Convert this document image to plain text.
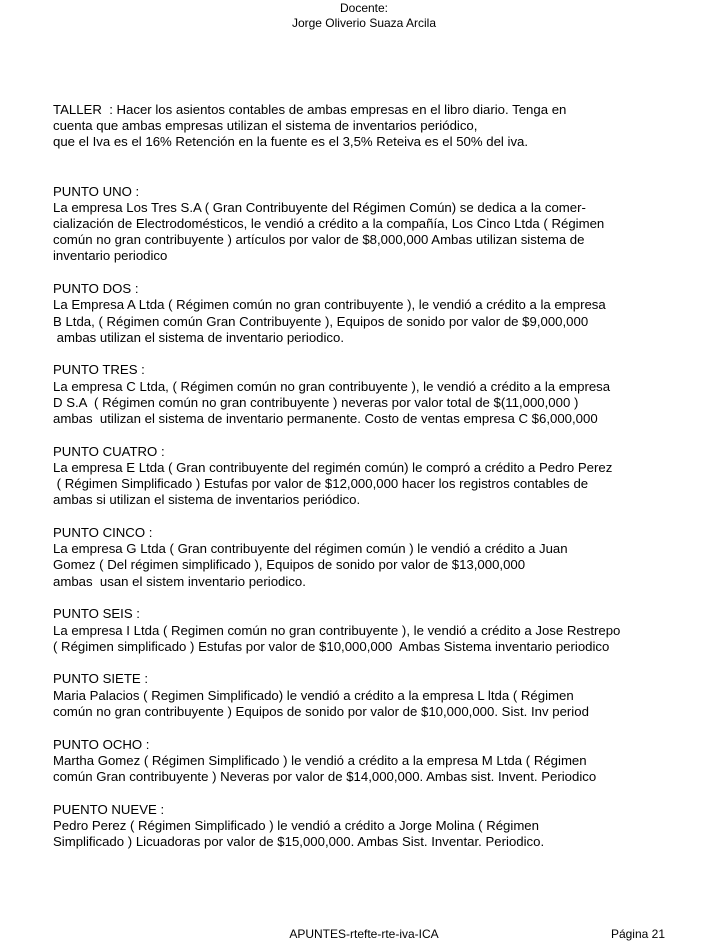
Docente:
Jorge Oliverio Suaza Arcila
TALLER  : Hacer los asientos contables de ambas empresas en el libro diario. Tenga en
cuenta que ambas empresas utilizan el sistema de inventarios periódico,
que el Iva es el 16% Retención en la fuente es el 3,5% Reteiva es el 50% del iva.
PUNTO UNO :
La empresa Los Tres S.A ( Gran Contribuyente del Régimen Común) se dedica a la comer-
cialización de Electrodomésticos, le vendió a crédito a la compañía, Los Cinco Ltda ( Régimen
común no gran contribuyente ) artículos por valor de $8,000,000 Ambas utilizan sistema de
inventario periodico
PUNTO DOS :
La Empresa A Ltda ( Régimen común no gran contribuyente ), le vendió a crédito a la empresa
B Ltda, ( Régimen común Gran Contribuyente ), Equipos de sonido por valor de $9,000,000
ambas utilizan el sistema de inventario periodico.
PUNTO TRES :
La empresa C Ltda, ( Régimen común no gran contribuyente ), le vendió a crédito a la empresa
D S.A  ( Régimen común no gran contribuyente ) neveras por valor total de $(11,000,000 )
ambas  utilizan el sistema de inventario permanente. Costo de ventas empresa C $6,000,000
PUNTO CUATRO :
La empresa E Ltda ( Gran contribuyente del regimén común) le compró a crédito a Pedro Perez
( Régimen Simplificado ) Estufas por valor de $12,000,000 hacer los registros contables de
ambas si utilizan el sistema de inventarios periódico.
PUNTO CINCO :
La empresa G Ltda ( Gran contribuyente del régimen común ) le vendió a crédito a Juan
Gomez ( Del régimen simplificado ), Equipos de sonido por valor de $13,000,000
ambas  usan el sistem inventario periodico.
PUNTO SEIS :
La empresa I Ltda ( Regimen común no gran contribuyente ), le vendió a crédito a Jose Restrepo
( Régimen simplificado ) Estufas por valor de $10,000,000  Ambas Sistema inventario periodico
PUNTO SIETE :
Maria Palacios ( Regimen Simplificado) le vendió a crédito a la empresa L ltda ( Régimen
común no gran contribuyente ) Equipos de sonido por valor de $10,000,000. Sist. Inv period
PUNTO OCHO :
Martha Gomez ( Régimen Simplificado ) le vendió a crédito a la empresa M Ltda ( Régimen
común Gran contribuyente ) Neveras por valor de $14,000,000. Ambas sist. Invent. Periodico
PUENTO NUEVE :
Pedro Perez ( Régimen Simplificado ) le vendió a crédito a Jorge Molina ( Régimen
Simplificado ) Licuadoras por valor de $15,000,000. Ambas Sist. Inventar. Periodico.
APUNTES-rtefte-rte-iva-ICA	Página 21
